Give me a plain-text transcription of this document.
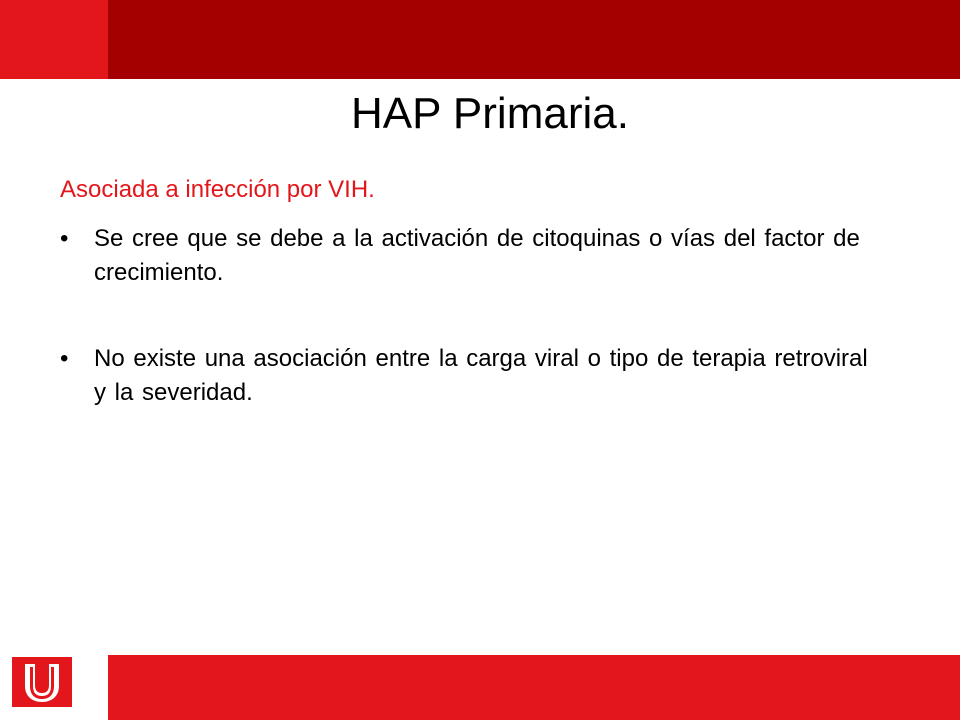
HAP Primaria.
Asociada a infección por VIH.
• Se cree que se debe a la activación de citoquinas o vías del factor de crecimiento.
• No existe una asociación entre la carga viral o tipo de terapia retroviral y la severidad.
